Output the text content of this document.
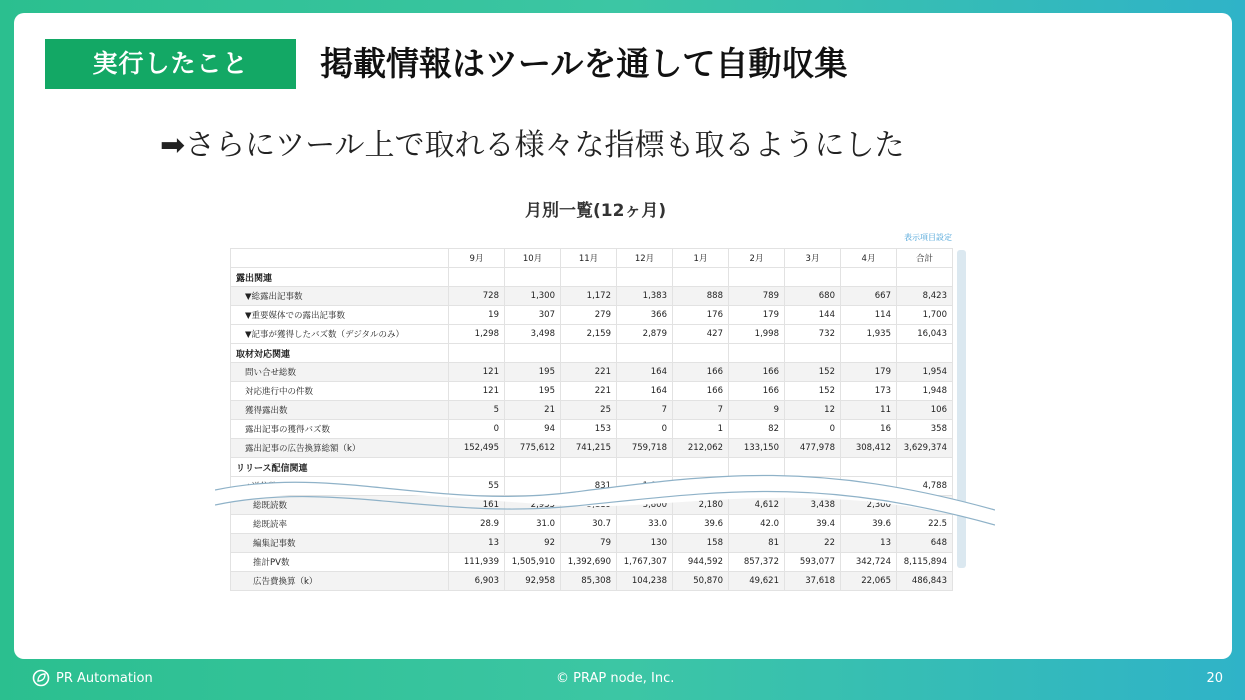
実行したこと	掲載情報はツールを通して自動収集
➡さらにツール上で取れる様々な指標も取るようにした
月別一覧(12ヶ月)
表示項目設定
	9月	10月	11月	12月	1月	2月	3月	4月	合計
露出関連									
▼総露出記事数	728	1,300	1,172	1,383	888	789	680	667	8,423
▼重要媒体での露出記事数	19	307	279	366	176	179	144	114	1,700
▼記事が獲得したバズ数（デジタルのみ）	1,298	3,498	2,159	2,879	427	1,998	732	1,935	16,043
取材対応関連									
問い合せ総数	121	195	221	164	166	166	152	179	1,954
対応進行中の件数	121	195	221	164	166	166	152	173	1,948
獲得露出数	5	21	25	7	7	9	12	11	106
露出記事の獲得バズ数	0	94	153	0	1	82	0	16	358
露出記事の広告換算総額（k）	152,495	775,612	741,215	759,718	212,062	133,150	477,978	308,412	3,629,374
リリース配信関連									
	55		831						4,788
総既読数	161	2,935		3,800	2,180	4,612	3,438	2,300	
総既読率	28.9	31.0	30.7	33.0	39.6	42.0	39.4	39.6	22.5
編集記事数	13	92	79	130	158	81	22	13	648
推計PV数	111,939	1,505,910	1,392,690	1,767,307	944,592	857,372	593,077	342,724	8,115,894
広告費換算（k）	6,903	92,958	85,308	104,238	50,870	49,621	37,618	22,065	486,843
PR Automation	© PRAP node, Inc.	20
